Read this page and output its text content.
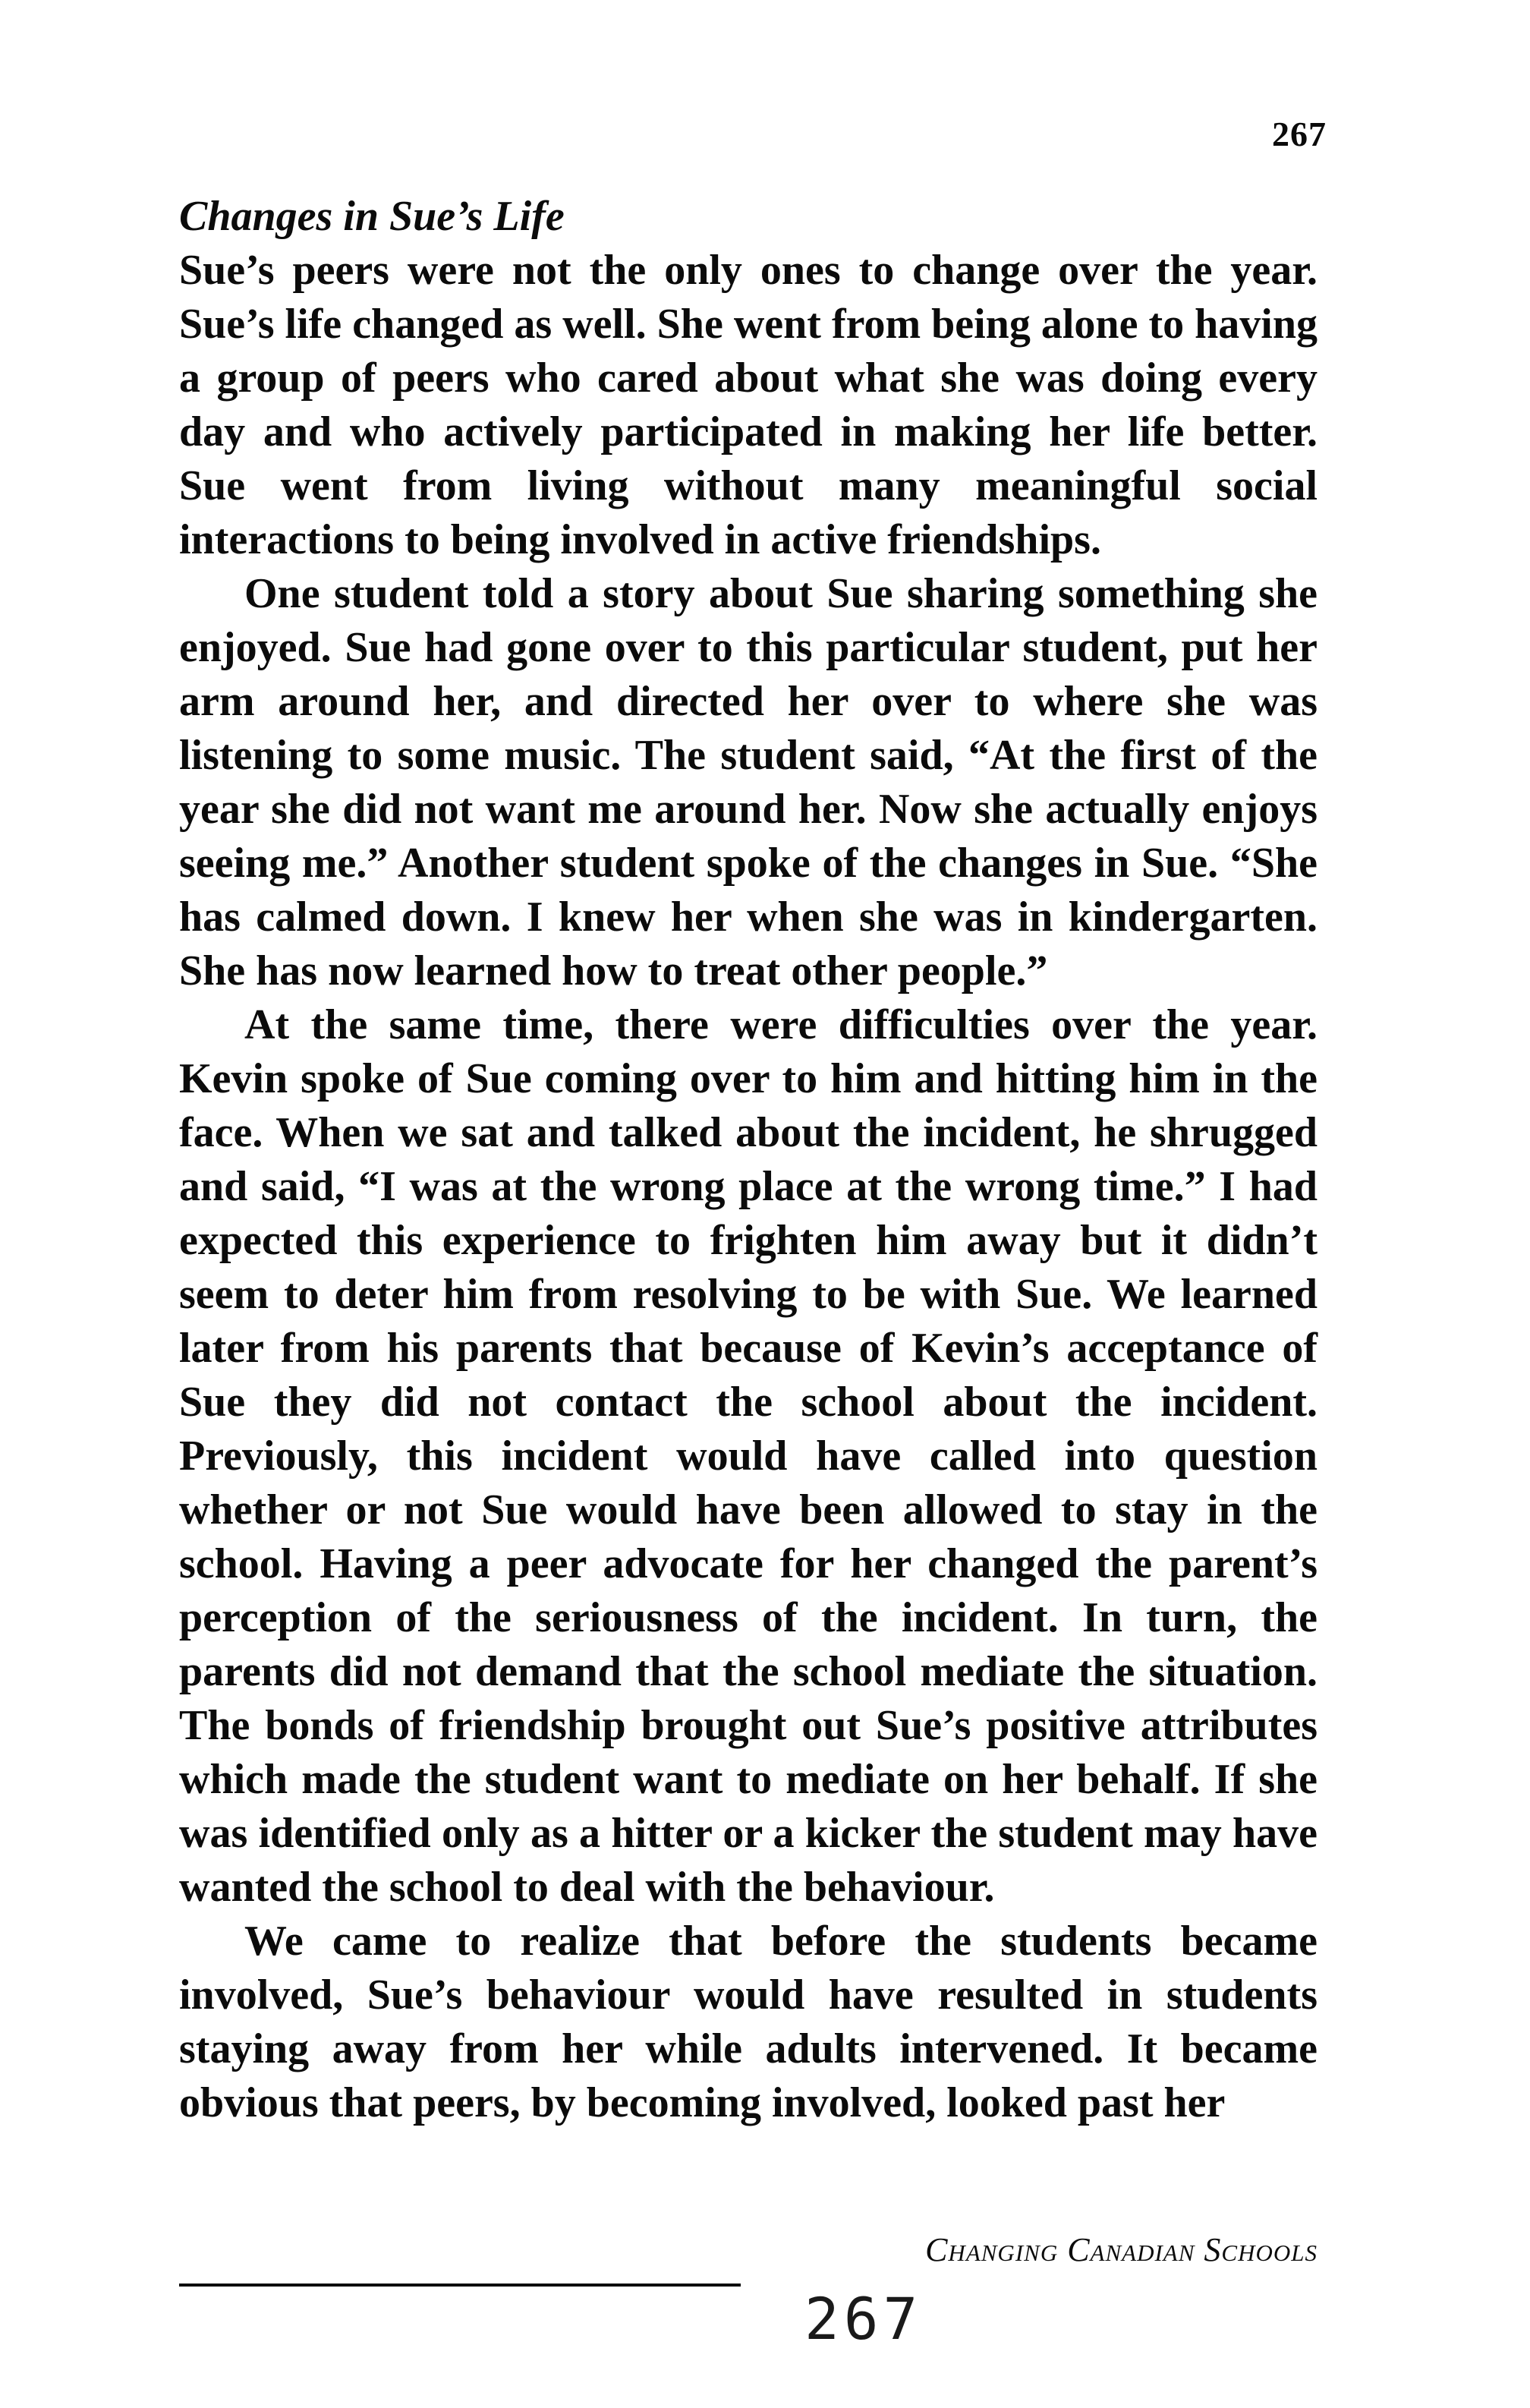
267

Changes in Sue’s Life

Sue’s peers were not the only ones to change over the year. Sue’s life changed as well. She went from being alone to having a group of peers who cared about what she was doing every day and who actively participated in making her life better. Sue went from living without many meaningful social interactions to being involved in active friendships.

One student told a story about Sue sharing something she enjoyed. Sue had gone over to this particular student, put her arm around her, and directed her over to where she was listening to some music. The student said, “At the first of the year she did not want me around her. Now she actually enjoys seeing me.” Another student spoke of the changes in Sue. “She has calmed down. I knew her when she was in kindergarten. She has now learned how to treat other people.”

At the same time, there were difficulties over the year. Kevin spoke of Sue coming over to him and hitting him in the face. When we sat and talked about the incident, he shrugged and said, “I was at the wrong place at the wrong time.” I had expected this experience to frighten him away but it didn’t seem to deter him from resolving to be with Sue. We learned later from his parents that because of Kevin’s acceptance of Sue they did not contact the school about the incident. Previously, this incident would have called into question whether or not Sue would have been allowed to stay in the school. Having a peer advocate for her changed the parent’s perception of the seriousness of the incident. In turn, the parents did not demand that the school mediate the situation. The bonds of friendship brought out Sue’s positive attributes which made the student want to mediate on her behalf. If she was identified only as a hitter or a kicker the student may have wanted the school to deal with the behaviour.

We came to realize that before the students became involved, Sue’s behaviour would have resulted in students staying away from her while adults intervened. It became obvious that peers, by becoming involved, looked past her

Changing Canadian Schools
267
